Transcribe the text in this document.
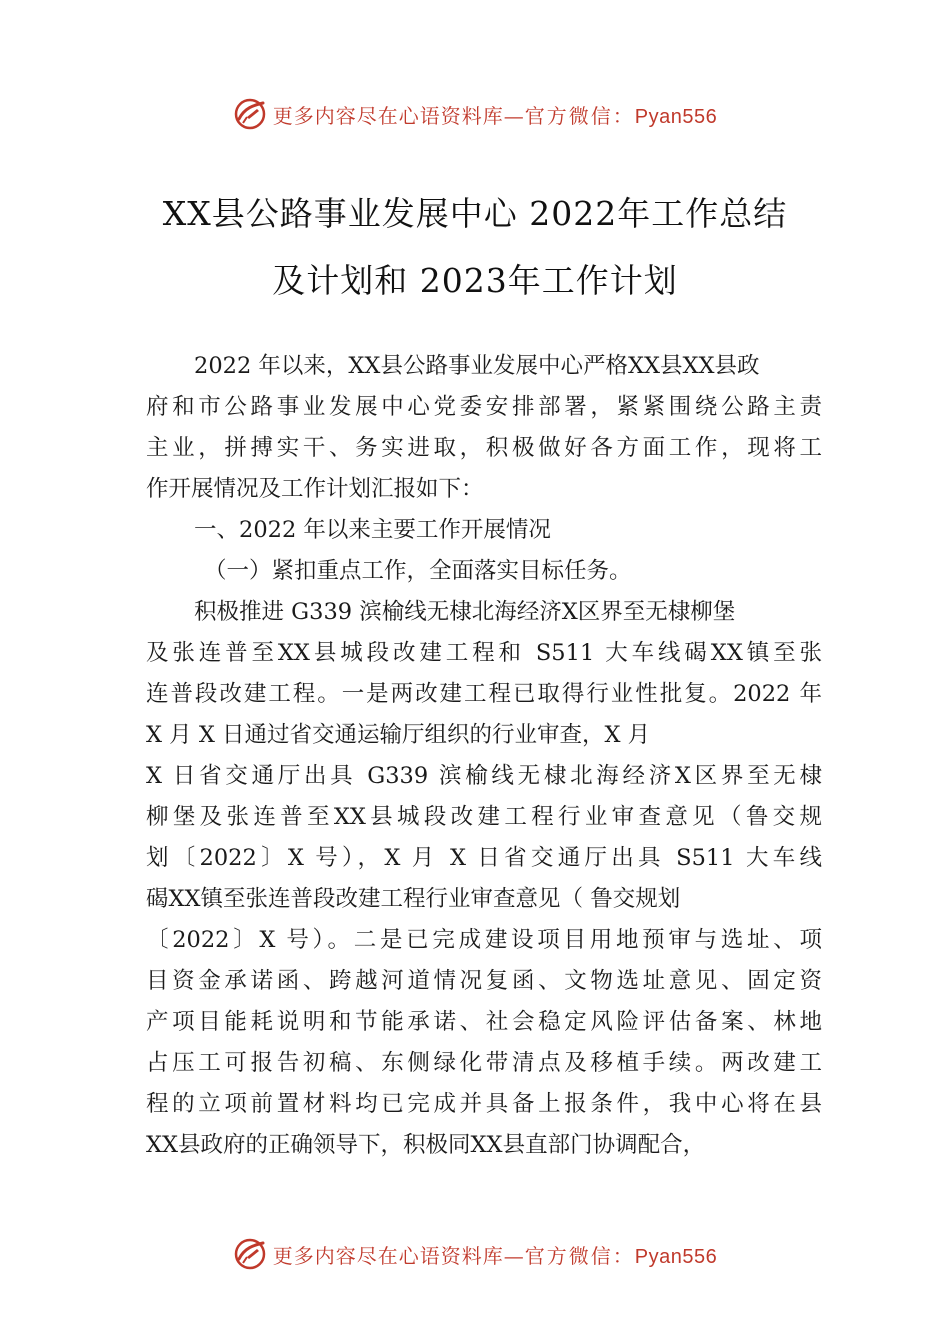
更多内容尽在心语资料库—官方微信：Pyan556
XX县公路事业发展中心 2022年工作总结
及计划和 2023年工作计划
2022 年以来，XX县公路事业发展中心严格XX县XX县政
府和市公路事业发展中心党委安排部署，紧紧围绕公路主责
主业，拼搏实干、务实进取，积极做好各方面工作，现将工
作开展情况及工作计划汇报如下：
一、2022 年以来主要工作开展情况
（一）紧扣重点工作，全面落实目标任务。
积极推进 G339 滨榆线无棣北海经济X区界至无棣柳堡
及张连普至XX县城段改建工程和 S511 大车线碣XX镇至张
连普段改建工程。一是两改建工程已取得行业性批复。2022 年
X 月 X 日通过省交通运输厅组织的行业审查，X 月
X 日省交通厅出具 G339 滨榆线无棣北海经济X区界至无棣
柳堡及张连普至XX县城段改建工程行业审查意见（鲁交规
划〔2022〕X 号），X 月 X 日省交通厅出具 S511 大车线
碣XX镇至张连普段改建工程行业审查意见（ 鲁交规划
〔2022〕X 号）。二是已完成建设项目用地预审与选址、项
目资金承诺函、跨越河道情况复函、文物选址意见、固定资
产项目能耗说明和节能承诺、社会稳定风险评估备案、林地
占压工可报告初稿、东侧绿化带清点及移植手续。两改建工
程的立项前置材料均已完成并具备上报条件，我中心将在县
XX县政府的正确领导下，积极同XX县直部门协调配合，
更多内容尽在心语资料库—官方微信：Pyan556
